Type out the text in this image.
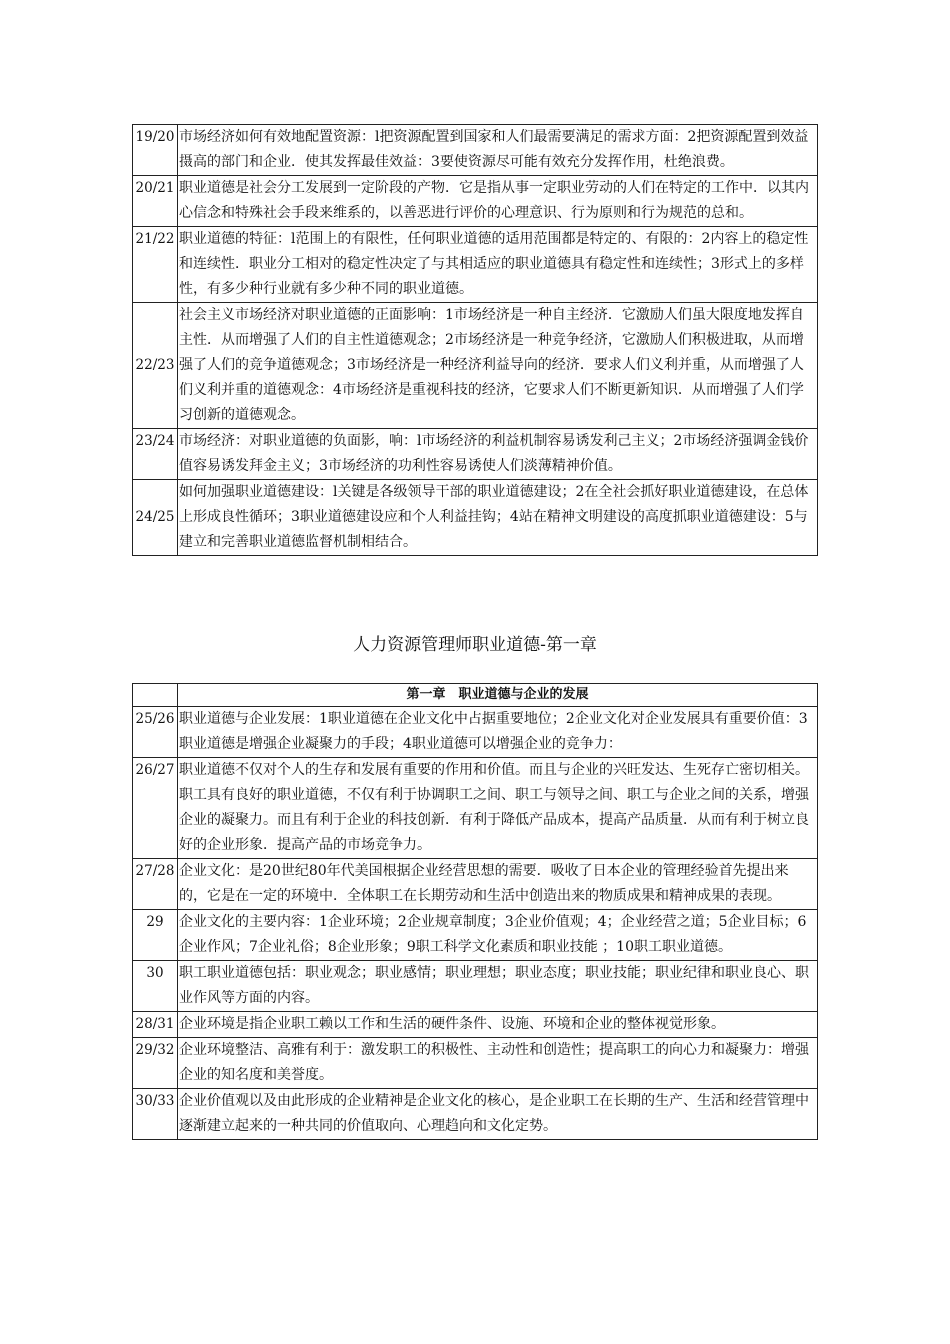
19/20	市场经济如何有效地配置资源：l把资源配置到国家和人们最需要满足的需求方面：2把资源配置到效益摄高的部门和企业．使其发挥最佳效益：3要使资源尽可能有效充分发挥作用，杜绝浪费。
20/21	职业道德是社会分工发展到一定阶段的产物．它是指从事一定职业劳动的人们在特定的工作中．以其内心信念和特殊社会手段来维系的，以善恶进行评价的心理意识、行为原则和行为规范的总和。
21/22	职业道德的特征：l范围上的有限性，任何职业道德的适用范围都是特定的、有限的：2内容上的稳定性和连续性．职业分工相对的稳定性决定了与其相适应的职业道德具有稳定性和连续性；3形式上的多样性，有多少种行业就有多少种不同的职业道德。
22/23	社会主义市场经济对职业道德的正面影响：1市场经济是一种自主经济．它激励人们虽大限度地发挥自主性．从而增强了人们的自主性道德观念；2市场经济是一种竞争经济，它激励人们积极进取，从而增强了人们的竞争道德观念；3市场经济是一种经济利益导向的经济．要求人们义利并重，从而增强了人们义利并重的道德观念：4市场经济是重视科技的经济，它要求人们不断更新知识．从而增强了人们学习创新的道德观念。
23/24	市场经济：对职业道德的负面影，响：l市场经济的利益机制容易诱发利己主义；2市场经济强调金钱价值容易诱发拜金主义；3市场经济的功利性容易诱使人们淡薄精神价值。
24/25	如何加强职业道德建设：l关键是各级领导干部的职业道德建设；2在全社会抓好职业道德建设，在总体上形成良性循环；3职业道德建设应和个人利益挂钩；4站在精神文明建设的高度抓职业道德建设：5与建立和完善职业道德监督机制相结合。
人力资源管理师职业道德-第一章
	第一章　职业道德与企业的发展
25/26	职业道德与企业发展：1职业道德在企业文化中占据重要地位；2企业文化对企业发展具有重要价值：3职业道德是增强企业凝聚力的手段；4职业道德可以增强企业的竞争力：
26/27	职业道德不仅对个人的生存和发展有重要的作用和价值。而且与企业的兴旺发达、生死存亡密切相关。职工具有良好的职业道德，不仅有利于协调职工之间、职工与领导之间、职工与企业之间的关系，增强企业的凝聚力。而且有利于企业的科技创新．有利于降低产品成本，提高产品质量．从而有利于树立良好的企业形象．提高产品的市场竞争力。
27/28	企业文化：是20世纪80年代美国根据企业经营思想的需要．吸收了日本企业的管理经验首先提出来的，它是在一定的环境中．全体职工在长期劳动和生活中创造出来的物质成果和精神成果的表现。
29	企业文化的主要内容：1企业环境；2企业规章制度；3企业价值观；4；企业经营之道；5企业目标；6企业作风；7企业礼俗；8企业形象；9职工科学文化素质和职业技能 ；10职工职业道德。
30	职工职业道德包括：职业观念；职业感情；职业理想；职业态度；职业技能；职业纪律和职业良心、职业作风等方面的内容。
28/31	企业环境是指企业职工赖以工作和生活的硬件条件、设施、环境和企业的整体视觉形象。
29/32	企业环境整洁、高雅有利于：激发职工的积极性、主动性和创造性；提高职工的向心力和凝聚力：增强企业的知名度和美誉度。
30/33	企业价值观以及由此形成的企业精神是企业文化的核心，是企业职工在长期的生产、生活和经营管理中逐渐建立起来的一种共同的价值取向、心理趋向和文化定势。
